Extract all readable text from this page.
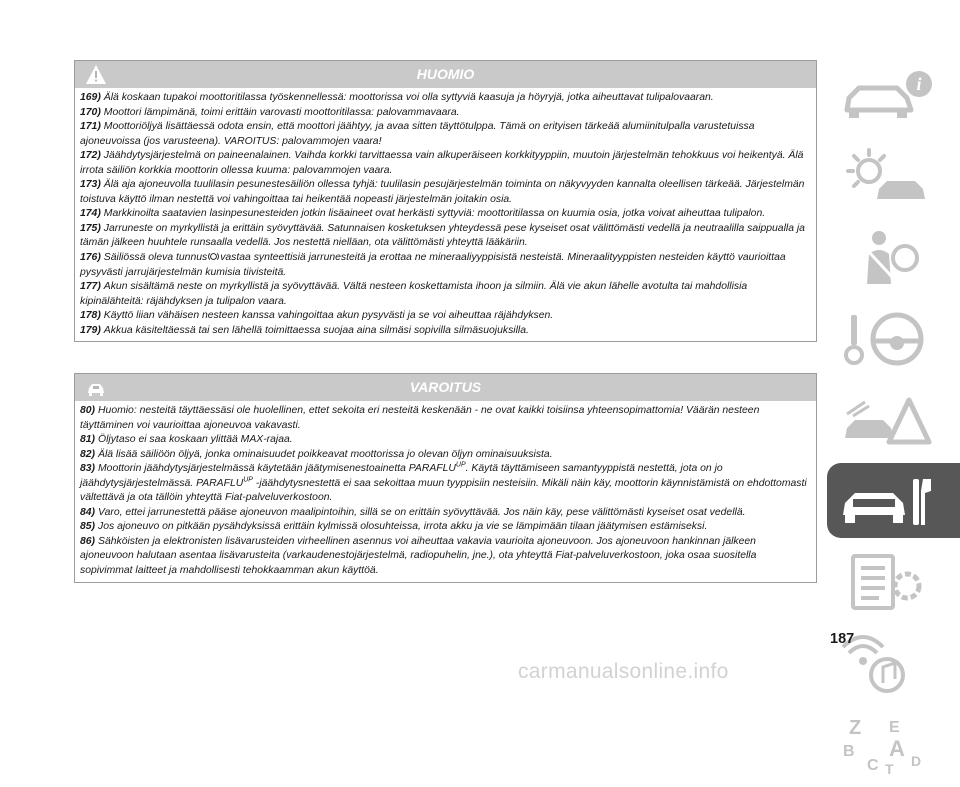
HUOMIO

169) Älä koskaan tupakoi moottoritilassa työskennellessä: moottorissa voi olla syttyviä kaasuja ja höyryjä, jotka aiheuttavat tulipalovaaran.

170) Moottori lämpimänä, toimi erittäin varovasti moottoritilassa: palovammavaara.

171) Moottoriöljyä lisättäessä odota ensin, että moottori jäähtyy, ja avaa sitten täyttötulppa. Tämä on erityisen tärkeää alumiinitulpalla varustetuissa ajoneuvoissa (jos varusteena). VAROITUS: palovammojen vaara!

172) Jäähdytysjärjestelmä on paineenalainen. Vaihda korkki tarvittaessa vain alkuperäiseen korkkityyppiin, muutoin järjestelmän tehokkuus voi heikentyä. Älä irrota säiliön korkkia moottorin ollessa kuuma: palovammojen vaara.

173) Älä aja ajoneuvolla tuulilasin pesunestesäiliön ollessa tyhjä: tuulilasin pesujärjestelmän toiminta on näkyvyyden kannalta oleellisen tärkeää. Järjestelmän toistuva käyttö ilman nestettä voi vahingoittaa tai heikentää nopeasti järjestelmän joitakin osia.

174) Markkinoilta saatavien lasinpesunesteiden jotkin lisäaineet ovat herkästi syttyviä: moottoritilassa on kuumia osia, jotka voivat aiheuttaa tulipalon.

175) Jarruneste on myrkyllistä ja erittäin syövyttävää. Satunnaisen kosketuksen yhteydessä pese kyseiset osat välittömästi vedellä ja neutraalilla saippualla ja tämän jälkeen huuhtele runsaalla vedellä. Jos nestettä nielläan, ota välittömästi yhteyttä lääkäriin.

176) Säiliössä oleva tunnus vastaa synteettisiä jarrunesteitä ja erottaa ne mineraaliyyppisistä nesteistä. Mineraalityyppisten nesteiden käyttö vaurioittaa pysyvästi jarrujärjestelmän kumisia tiivisteitä.

177) Akun sisältämä neste on myrkyllistä ja syövyttävää. Vältä nesteen koskettamista ihoon ja silmiin. Älä vie akun lähelle avotulta tai mahdollisia kipinälähteitä: räjähdyksen ja tulipalon vaara.

178) Käyttö liian vähäisen nesteen kanssa vahingoittaa akun pysyvästi ja se voi aiheuttaa räjähdyksen.

179) Akkua käsiteltäessä tai sen lähellä toimittaessa suojaa aina silmäsi sopivilla silmäsuojuksilla.

VAROITUS

80) Huomio: nesteitä täyttäessäsi ole huolellinen, ettet sekoita eri nesteitä keskenään - ne ovat kaikki toisiinsa yhteensopimattomia! Väärän nesteen täyttäminen voi vaurioittaa ajoneuvoa vakavasti.

81) Öljytaso ei saa koskaan ylittää MAX-rajaa.

82) Älä lisää säiliöön öljyä, jonka ominaisuudet poikkeavat moottorissa jo olevan öljyn ominaisuuksista.

83) Moottorin jäähdytysjärjestelmässä käytetään jäätymisenestoainetta $PARAFLU^{UP}$. Käytä täyttämiseen samantyyppistä nestettä, jota on jo jäähdytysjärjestelmässä. $PARAFLU^{UP}$ -jäähdytysnestettä ei saa sekoittaa muun tyyppisiin nesteisiin. Mikäli näin käy, moottorin käynnistämistä on ehdottomasti vältettävä ja ota tällöin yhteyttä Fiat-palveluverkostoon.

84) Varo, ettei jarrunestettä pääse ajoneuvon maalipintoihin, sillä se on erittäin syövyttävää. Jos näin käy, pese välittömästi kyseiset osat vedellä.

85) Jos ajoneuvo on pitkään pysähdyksissä erittäin kylmissä olosuhteissa, irrota akku ja vie se lämpimään tilaan jäätymisen estämiseksi.

86) Sähköisten ja elektronisten lisävarusteiden virheellinen asennus voi aiheuttaa vakavia vaurioita ajoneuvoon. Jos ajoneuvoon hankinnan jälkeen ajoneuvoon halutaan asentaa lisävarusteita (varkaudenestojärjestelmä, radiopuhelin, jne.), ota yhteyttä Fiat-palveluverkostoon, joka osaa suositella sopivimmat laitteet ja mahdollisesti tehokkaamman akun käyttöä.

i
Z E
B A
C T D
187
carmanualsonline.info
